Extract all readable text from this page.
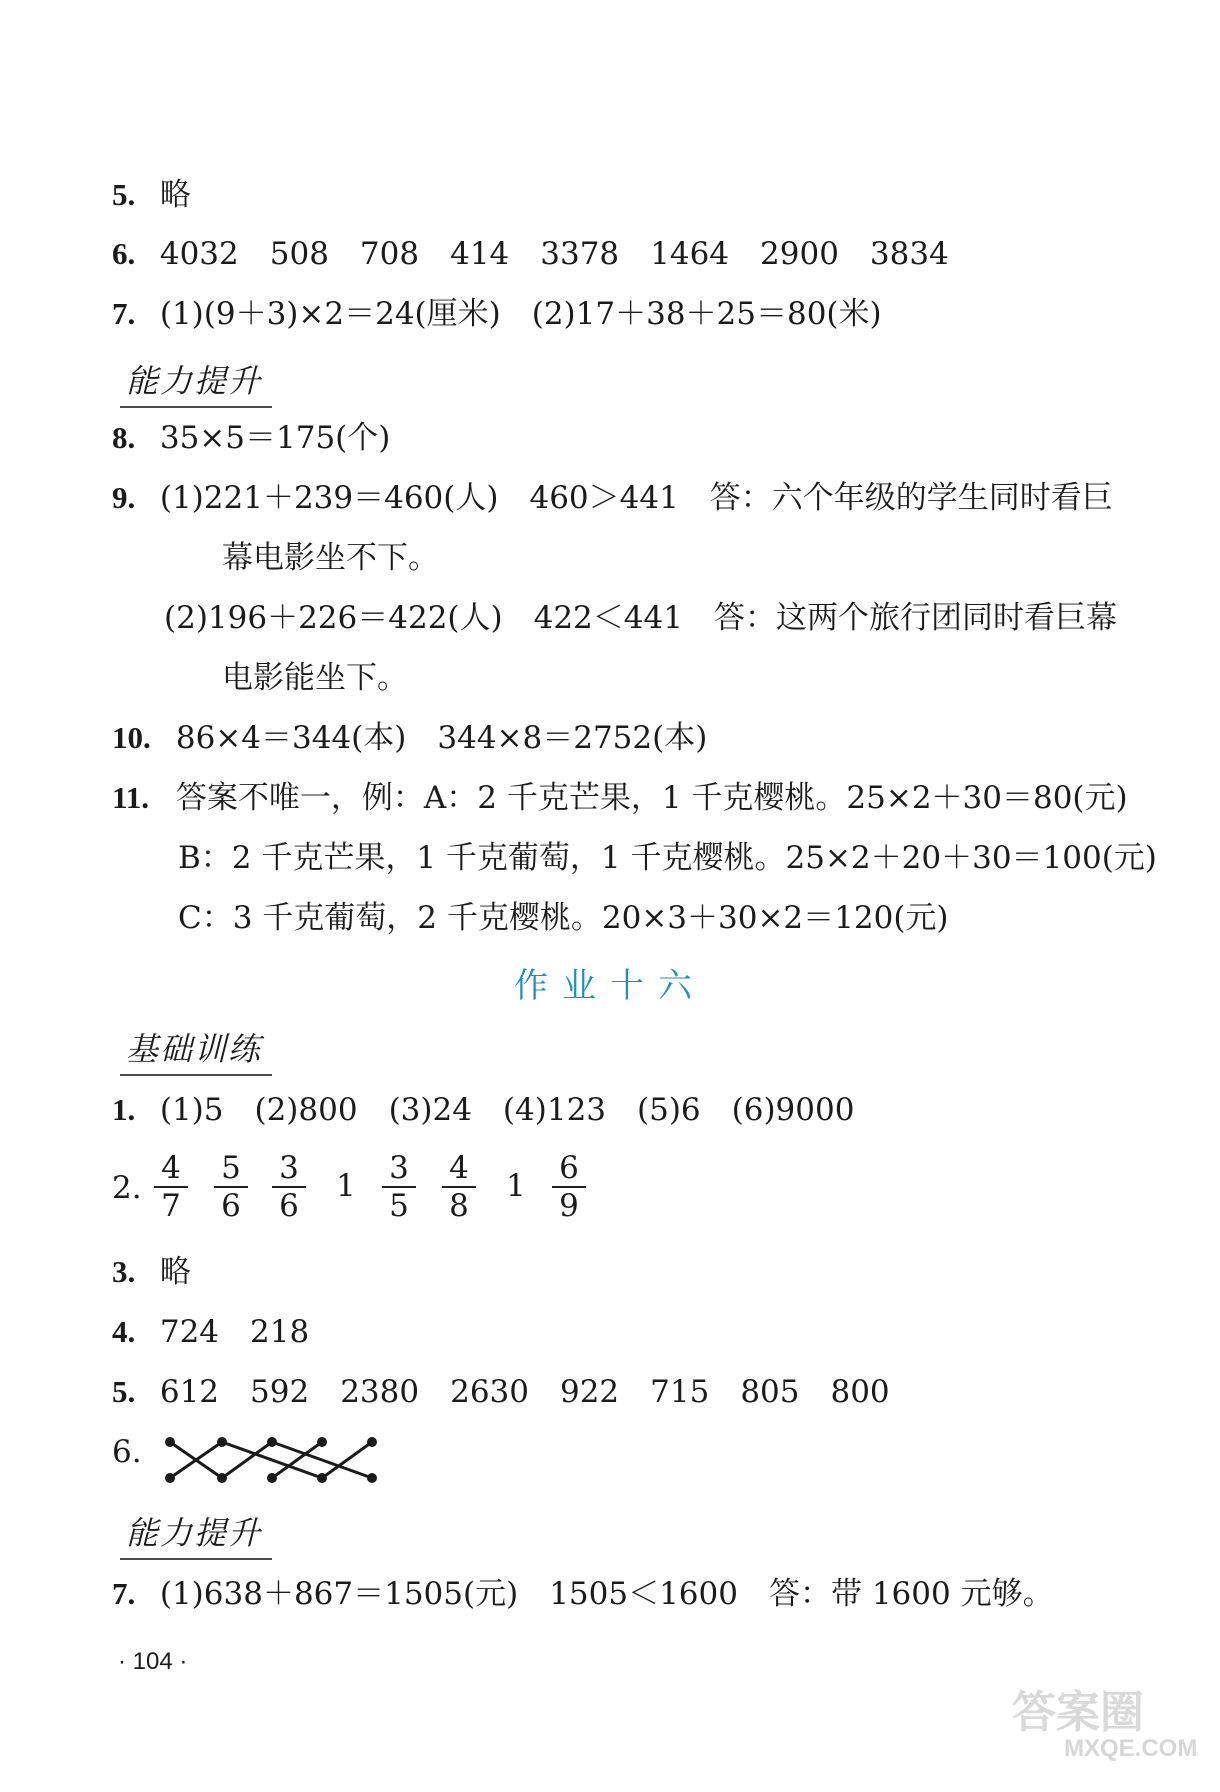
5. 略
6. 4032　508　708　414　3378　1464　2900　3834
7. (1)(9＋3)×2＝24(厘米)　(2)17＋38＋25＝80(米)
能力提升
8. 35×5＝175(个)
9. (1)221＋239＝460(人)　460＞441　答：六个年级的学生同时看巨
幕电影坐不下。
(2)196＋226＝422(人)　422＜441　答：这两个旅行团同时看巨幕
电影能坐下。
10. 86×4＝344(本)　344×8＝2752(本)
11. 答案不唯一，例：A：2 千克芒果，1 千克樱桃。25×2＋30＝80(元)
B：2 千克芒果，1 千克葡萄，1 千克樱桃。25×2＋20＋30＝100(元)
C：3 千克葡萄，2 千克樱桃。20×3＋30×2＝120(元)
作业十六
基础训练
1. (1)5　(2)800　(3)24　(4)123　(5)6　(6)9000
2. $\frac{4}{7} \frac{5}{6} \frac{3}{6} 1 \frac{3}{5} \frac{4}{8} 1 \frac{6}{9}$
3. 略
4. 724　218
5. 612　592　2380　2630　922　715　805　800
6.
能力提升
7. (1)638＋867＝1505(元)　1505＜1600　答：带 1600 元够。
· 104 ·
答案圈
MXQE.COM
